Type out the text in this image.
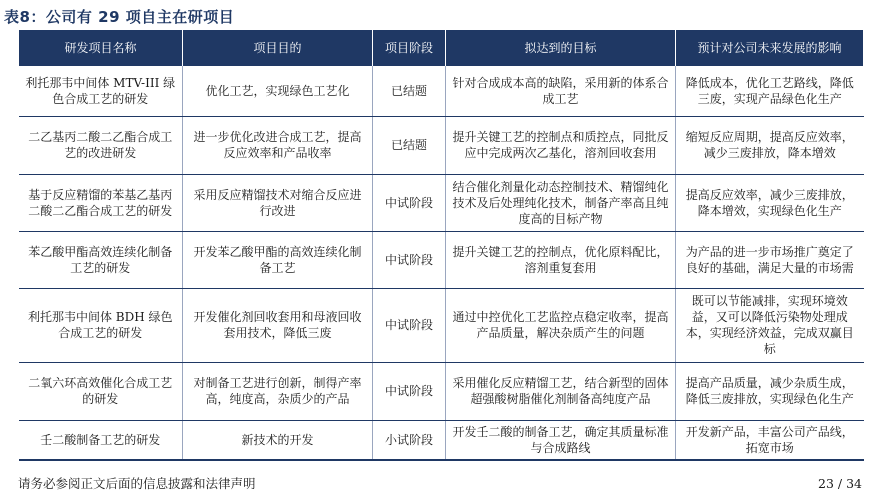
表8：公司有 29 项自主在研项目
研发项目名称	项目目的	项目阶段	拟达到的目标	预计对公司未来发展的影响
利托那韦中间体 MTV-III 绿色合成工艺的研发	优化工艺，实现绿色工艺化	已结题	针对合成成本高的缺陷，采用新的体系合成工艺	降低成本，优化工艺路线，降低三废，实现产品绿色化生产
二乙基丙二酸二乙酯合成工艺的改进研发	进一步优化改进合成工艺，提高反应效率和产品收率	已结题	提升关键工艺的控制点和质控点，同批反应中完成两次乙基化，溶剂回收套用	缩短反应周期，提高反应效率，减少三废排放，降本增效
基于反应精馏的苯基乙基丙二酸二乙酯合成工艺的研发	采用反应精馏技术对缩合反应进行改进	中试阶段	结合催化剂量化动态控制技术、精馏纯化技术及后处理纯化技术，制备产率高且纯度高的目标产物	提高反应效率，减少三废排放，降本增效，实现绿色化生产
苯乙酸甲酯高效连续化制备工艺的研发	开发苯乙酸甲酯的高效连续化制备工艺	中试阶段	提升关键工艺的控制点，优化原料配比，溶剂重复套用	为产品的进一步市场推广奠定了良好的基础，满足大量的市场需
利托那韦中间体 BDH 绿色合成工艺的研发	开发催化剂回收套用和母液回收套用技术，降低三废	中试阶段	通过中控优化工艺监控点稳定收率，提高产品质量，解决杂质产生的问题	既可以节能减排，实现环境效益，又可以降低污染物处理成本，实现经济效益，完成双赢目标
二氧六环高效催化合成工艺的研发	对制备工艺进行创新，制得产率高，纯度高，杂质少的产品	中试阶段	采用催化反应精馏工艺，结合新型的固体超强酸树脂催化剂制备高纯度产品	提高产品质量，减少杂质生成，降低三废排放，实现绿色化生产
壬二酸制备工艺的研发	新技术的开发	小试阶段	开发壬二酸的制备工艺，确定其质量标准与合成路线	开发新产品，丰富公司产品线，拓宽市场
请务必参阅正文后面的信息披露和法律声明	23 / 34
